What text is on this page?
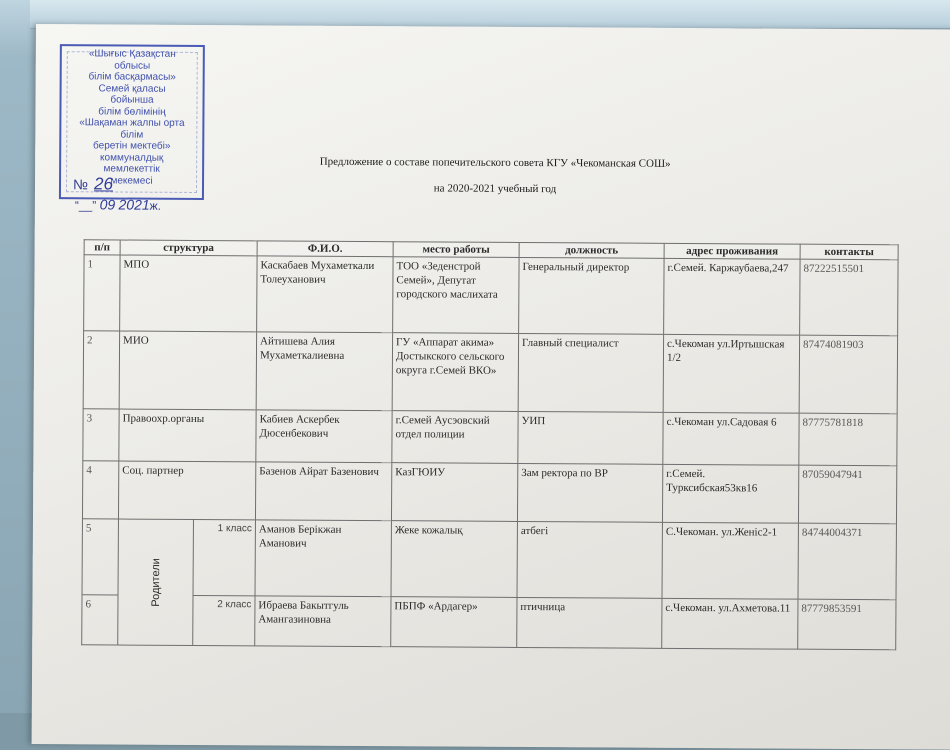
«Шығыс Қазақстан
облысы
білім басқармасы»
Семей қаласы
бойынша
білім бөлімінің
«Шақаман жалпы орта
білім
беретін мектебі»
коммуналдық
мемлекеттік
мекемесі
№ 26
“__” 09 2021ж.
Предложение о составе попечительского совета КГУ «Чекоманская СОШ»
на 2020-2021 учебный год
п/п	структура		Ф.И.О.	место работы	должность	адрес проживания	контакты
1	МПО		Каскабаев Мухаметкали Толеуханович	ТОО «Зеденстрой Семей», Депутат городского маслихата	Генеральный директор	г.Семей. Каржаубаева,247	87222515501
2	МИО		Айтишева Алия Мухаметкалиевна	ГУ «Аппарат акима» Достыкского сельского округа г.Семей ВКО»	Главный специалист	с.Чекоман ул.Иртышская 1/2	87474081903
3	Правоохр.органы		Кабиев Аскербек Дюсенбекович	г.Семей Аусэовский отдел полиции	УИП	с.Чекоман ул.Садовая 6	87775781818
4	Соц. партнер		Базенов Айрат Базенович	КазГЮИУ	Зам ректора по ВР	г.Семей. Турксибская53кв16	87059047941
5	Родители	1 класс	Аманов Берікжан Аманович	Жеке кожалық	атбегі	С.Чекоман. ул.Женіс2-1	84744004371
6		2 класс	Ибраева Бакытгуль Амангазиновна	ПБПФ «Ардагер»	птичница	с.Чекоман. ул.Ахметова.11	87779853591
